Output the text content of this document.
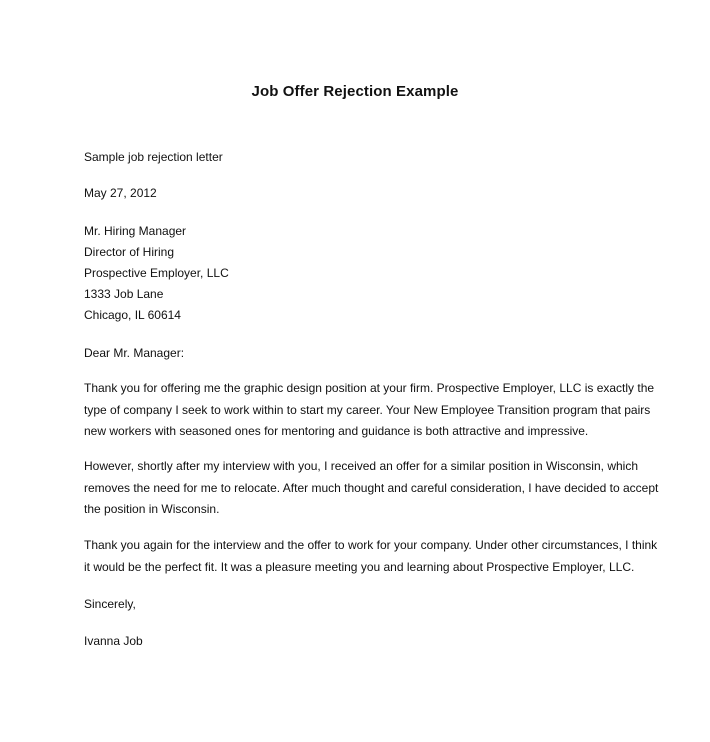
Job Offer Rejection Example
Sample job rejection letter
May 27, 2012
Mr. Hiring Manager
Director of Hiring
Prospective Employer, LLC
1333 Job Lane
Chicago, IL 60614
Dear Mr. Manager:
Thank you for offering me the graphic design position at your firm. Prospective Employer, LLC is exactly the
type of company I seek to work within to start my career. Your New Employee Transition program that pairs
new workers with seasoned ones for mentoring and guidance is both attractive and impressive.
However, shortly after my interview with you, I received an offer for a similar position in Wisconsin, which
removes the need for me to relocate. After much thought and careful consideration, I have decided to accept
the position in Wisconsin.
Thank you again for the interview and the offer to work for your company. Under other circumstances, I think
it would be the perfect fit. It was a pleasure meeting you and learning about Prospective Employer, LLC.
Sincerely,
Ivanna Job
